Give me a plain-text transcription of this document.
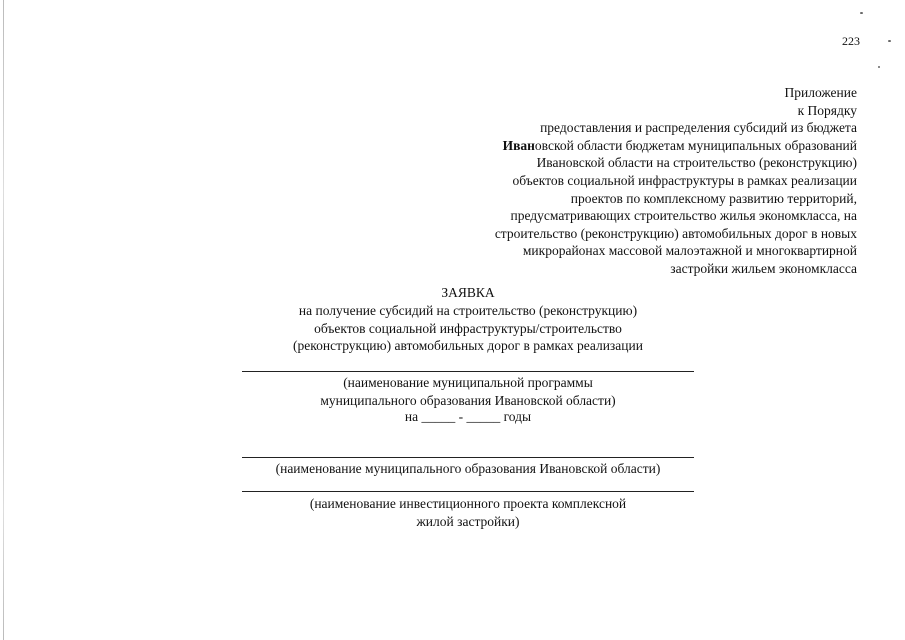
223
Приложение
к Порядку
предоставления и распределения субсидий из бюджета
Ивановской области бюджетам муниципальных образований
Ивановской области на строительство (реконструкцию)
объектов социальной инфраструктуры в рамках реализации
проектов по комплексному развитию территорий,
предусматривающих строительство жилья экономкласса, на
строительство (реконструкцию) автомобильных дорог в новых
микрорайонах массовой малоэтажной и многоквартирной
застройки жильем экономкласса
ЗАЯВКА
на получение субсидий на строительство (реконструкцию)
объектов социальной инфраструктуры/строительство
(реконструкцию) автомобильных дорог в рамках реализации
(наименование муниципальной программы
муниципального образования Ивановской области)
на _____ - _____ годы
(наименование муниципального образования Ивановской области)
(наименование инвестиционного проекта комплексной
жилой застройки)
